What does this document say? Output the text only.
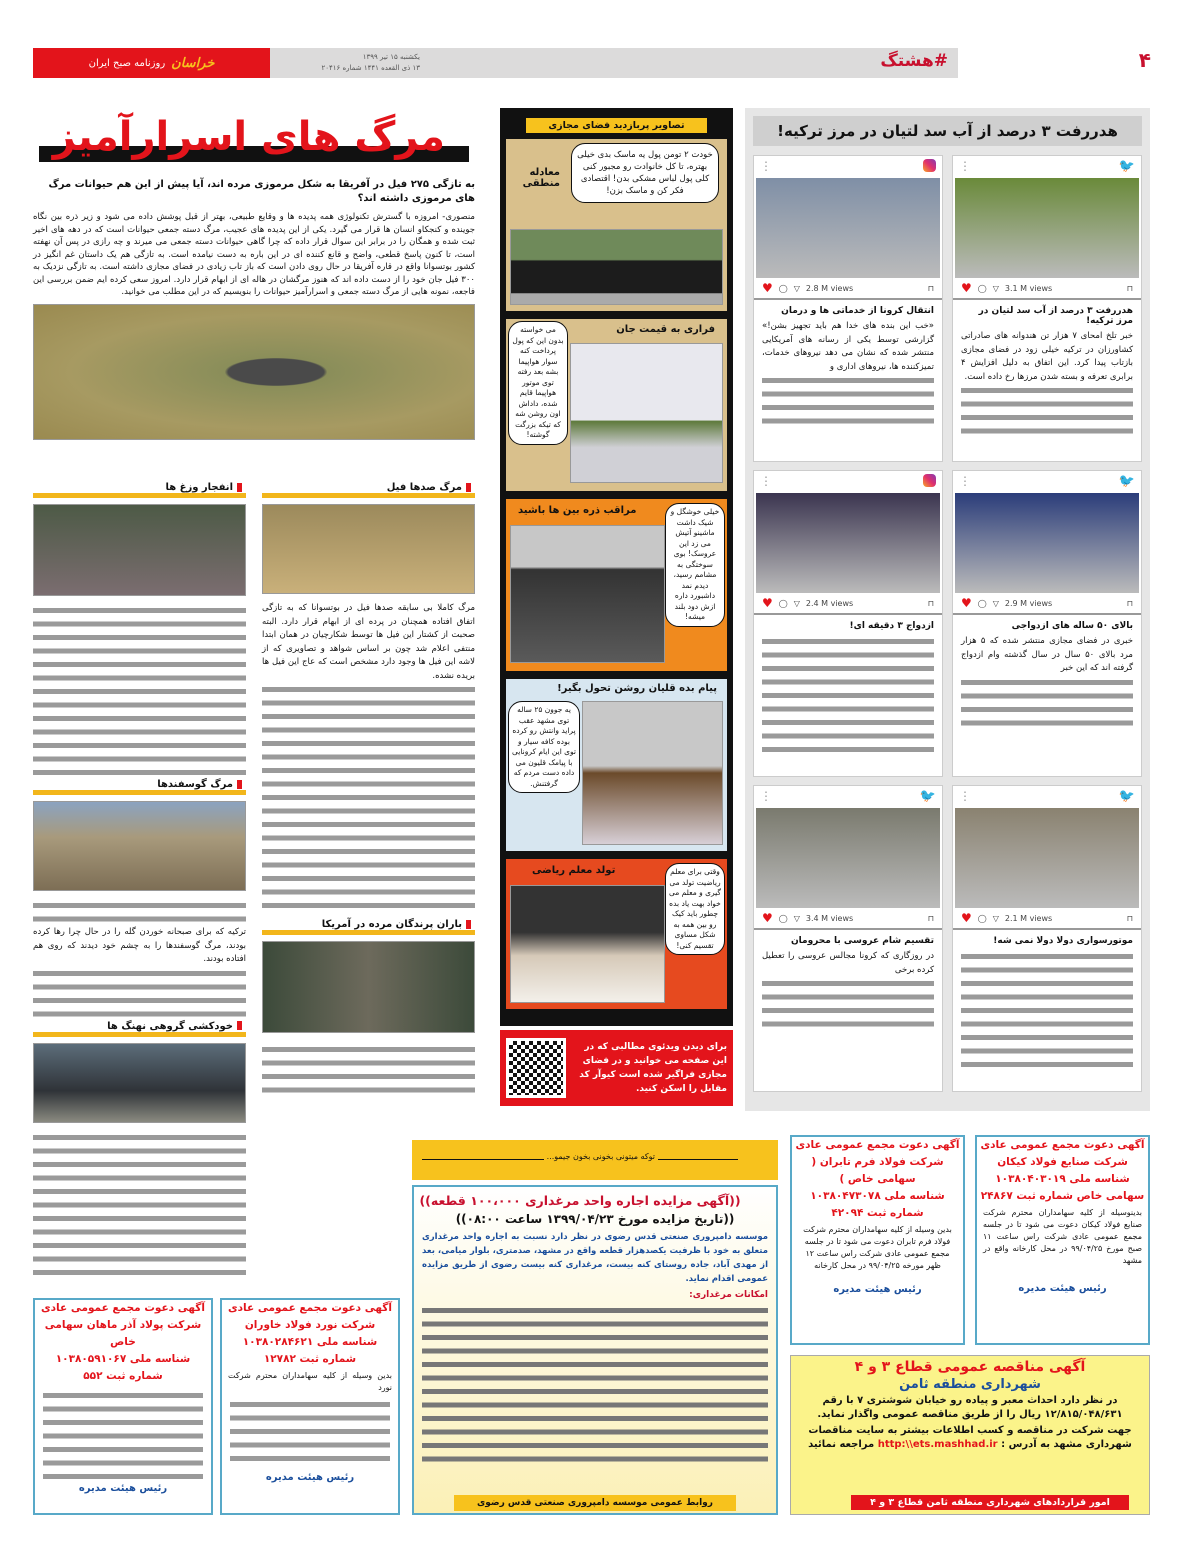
خراسان
روزنامه صبح ایران
یکشنبه ۱۵ تیر ۱۳۹۹
۱۳ ذی القعده ۱۴۴۱ شماره ۲۰۴۱۶	#هشتگ	۴
مرگ های اسرارآمیز
به تازگی ۲۷۵ فیل در آفریقا به شکل مرموزی مرده اند، آیا پیش از این هم حیوانات مرگ های مرموزی داشته اند؟
منصوری- امروزه با گسترش تکنولوژی همه پدیده ها و وقایع طبیعی، بهتر از قبل پوشش داده می شود و زیر ذره بین نگاه جوینده و کنجکاو انسان ها قرار می گیرد. یکی از این پدیده های عجیب، مرگ دسته جمعی حیوانات است که در دهه های اخیر ثبت شده و همگان را در برابر این سوال قرار داده که چرا گاهی حیوانات دسته جمعی می میرند و چه رازی در پس آن نهفته است، تا کنون پاسخ قطعی، واضح و قانع کننده ای در این باره به دست نیامده است. به تازگی هم یک داستان غم انگیز در کشور بوتسوانا واقع در قاره آفریقا در حال روی دادن است که باز تاب زیادی در فضای مجازی داشته است. به تازگی نزدیک به ۳۰۰ فیل جان خود را از دست داده اند که هنوز مرگشان در هاله ای از ابهام قرار دارد. امروز سعی کرده ایم ضمن بررسی این فاجعه، نمونه هایی از مرگ دسته جمعی و اسرارآمیز حیوانات را بنویسیم که در این مطلب می خوانید.
مرگ صدها فیل
مرگ کاملا بی سابقه صدها فیل در بوتسوانا که به تازگی اتفاق افتاده همچنان در پرده ای از ابهام قرار دارد. البته صحبت از کشتار این فیل ها توسط شکارچیان در همان ابتدا منتفی اعلام شد چون بر اساس شواهد و تصاویری که از لاشه این فیل ها وجود دارد مشخص است که عاج این فیل ها بریده نشده.
باران پرندگان مرده در آمریکا
انفجار وزغ ها
مرگ گوسفندها
ترکیه که برای صبحانه خوردن گله را در حال چرا رها کرده بودند، مرگ گوسفندها را به چشم خود دیدند که روی هم افتاده بودند.
خودکشی گروهی نهنگ ها
تصاویر پربازدید فضای مجازی
معادله منطقی
خودت ۲ تومن پول یه ماسک بدی خیلی بهتره، تا کل خانوادت رو مجبور کنی کلی پول لباس مشکی بدن! اقتصادی فکر کن و ماسک بزن!
فراری به قیمت جان
می خواسته بدون این که پول پرداخت کنه سوار هواپیما بشه بعد رفته توی موتور هواپیما قایم شده، داداش اون روشن شه که تیکه بزرگت گوشته!
مراقب ذره بین ها باشید	خیلی خوشگل و شیک داشت ماشینو آتیش می زد این عروسک! بوی سوختگی به مشامم رسید، دیدم نمد داشبورد داره ازش دود بلند میشه!
پیام بده قلیان روشن تحول بگیر!
یه جوون ۲۵ ساله توی مشهد عقب پراید وانتش رو کرده بوده کافه سیار و توی این ایام کرونایی با پیامک قلیون می داده دست مردم که گرفتنش.
تولد معلم ریاضی	وقتی برای معلم ریاضیت تولد می گیری و معلم می خواد بهت یاد بده چطور باید کیک رو بین همه به شکل مساوی تقسیم کنی!
برای دیدن ویدئوی مطالبی که در این صفحه می خوانید و در فضای مجازی فراگیر شده است کیوآر کد مقابل را اسکن کنید.
هدررفت ۳ درصد از آب سد لتیان در مرز ترکیه!
🐦
⋮
♥ ◯ ▽ 3.1 M views	⊓
هدررفت ۳ درصد از آب سد لتیان در مرز ترکیه!
خبر تلخ امحای ۷ هزار تن هندوانه های صادراتی کشاورزان در ترکیه خیلی زود در فضای مجازی بازتاب پیدا کرد. این اتفاق به دلیل افزایش ۴ برابری تعرفه و بسته شدن مرزها رخ داده است.
⋮
♥ ◯ ▽ 2.8 M views	⊓
انتقال کرونا از خدماتی ها و درمان
«خب این بنده های خدا هم باید تجهیز بشن!» گزارشی توسط یکی از رسانه های آمریکایی منتشر شده که نشان می دهد نیروهای خدمات، تمیزکننده ها، نیروهای اداری و
🐦
⋮
♥ ◯ ▽ 2.9 M views	⊓
بالای ۵۰ ساله های ازدواجی
خبری در فضای مجازی منتشر شده که ۵ هزار مرد بالای ۵۰ سال در سال گذشته وام ازدواج گرفته اند که این خبر
⋮
♥ ◯ ▽ 2.4 M views	⊓
ازدواج ۳ دقیقه ای!
🐦
⋮
♥ ◯ ▽ 2.1 M views	⊓
موتورسواری دولا دولا نمی شه!
🐦
⋮
♥ ◯ ▽ 3.4 M views	⊓
تقسیم شام عروسی با محرومان
در روزگاری که کرونا مجالس عروسی را تعطیل کرده برخی
توکه میتونی بخونی بخون جیمو...
((آگهی مزایده اجاره واحد مرغداری ۱۰۰،۰۰۰ قطعه))
((تاریخ مزایده مورخ ۱۳۹۹/۰۴/۲۳ ساعت ۰۸:۰۰))
موسسه دامپروری صنعتی قدس رضوی در نظر دارد نسبت به اجاره واحد مرغداری متعلق به خود با ظرفیت یکصدهزار قطعه واقع در مشهد، صدمتری، بلوار میامی، بعد از مهدی آباد، جاده روستای کنه بیست، مرغداری کنه بیست رضوی از طریق مزایده عمومی اقدام نماید.
امکانات مرغداری:
روابط عمومی موسسه دامپروری صنعتی قدس رضوی
آگهی دعوت مجمع عمومی عادی
شرکت صنایع فولاد کیکان
شناسه ملی ۱۰۳۸۰۴۰۳۰۱۹
سهامی خاص شماره ثبت ۲۴۸۶۷
بدینوسیله از کلیه سهامداران محترم شرکت صنایع فولاد کیکان دعوت می شود تا در جلسه مجمع عمومی عادی شرکت راس ساعت ۱۱ صبح مورخ ۹۹/۰۴/۲۵ در محل کارخانه واقع در مشهد
رئیس هیئت مدیره
آگهی دعوت مجمع عمومی عادی
شرکت فولاد فرم تابران ( سهامی خاص )
شناسه ملی ۱۰۳۸۰۴۷۳۰۷۸
شماره ثبت ۴۲۰۹۴
بدین وسیله از کلیه سهامداران محترم شرکت فولاد فرم تابران دعوت می شود تا در جلسه مجمع عمومی عادی شرکت راس ساعت ۱۲ ظهر مورخه ۹۹/۰۴/۲۵ در محل کارخانه
رئیس هیئت مدیره
آگهی دعوت مجمع عمومی عادی
شرکت نورد فولاد خاوران
شناسه ملی ۱۰۳۸۰۲۸۴۶۲۱
شماره ثبت ۱۲۷۸۲
بدین وسیله از کلیه سهامداران محترم شرکت نورد
رئیس هیئت مدیره
آگهی دعوت مجمع عمومی عادی
شرکت پولاد آذر ماهان سهامی خاص
شناسه ملی ۱۰۳۸۰۵۹۱۰۶۷
شماره ثبت ۵۵۲
رئیس هیئت مدیره
آگهی مناقصه عمومی قطاع ۳ و ۴
شهرداری منطقه ثامن
در نظر دارد احداث معبر و پیاده رو خیابان شوشتری ۷ با رقم ۱۲/۸۱۵/۰۴۸/۶۳۱ ریال را از طریق مناقصه عمومی واگذار نماید.
جهت شرکت در مناقصه و کسب اطلاعات بیشتر به سایت مناقصات شهرداری مشهد به آدرس : http:\\ets.mashhad.ir مراجعه نمائید
امور قراردادهای شهرداری منطقه ثامن قطاع ۳ و ۴
